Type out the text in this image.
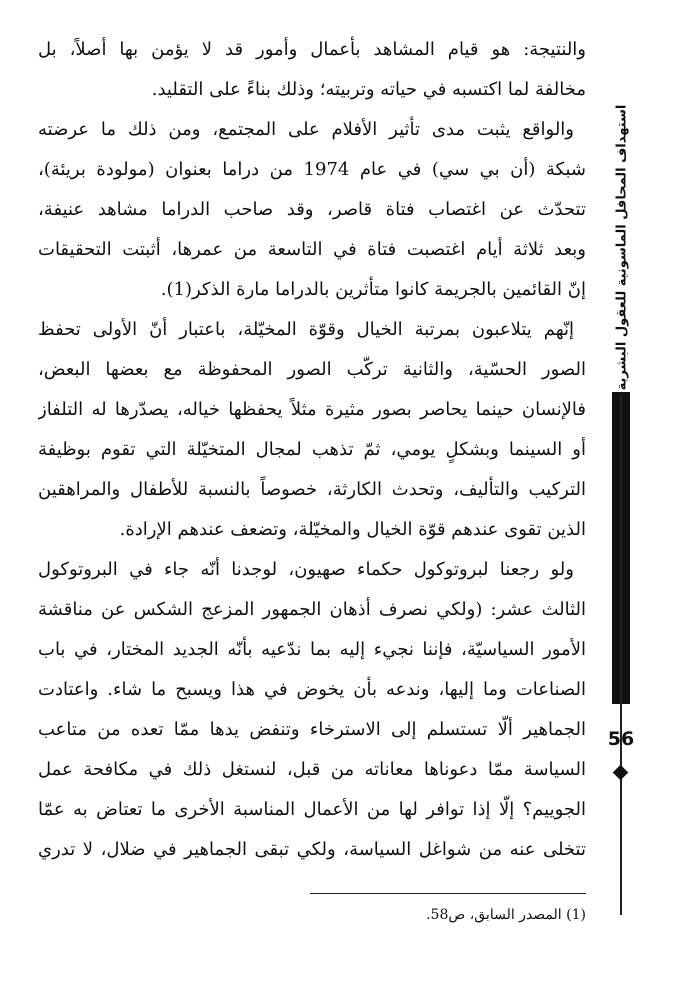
والنتيجة: هو قيام المشاهد بأعمال وأمور قد لا يؤمن بها أصلاً، بل
مخالفة لما اكتسبه في حياته وتربيته؛ وذلك بناءً على التقليد.
والواقع يثبت مدى تأثير الأفلام على المجتمع، ومن ذلك ما عرضته
شبكة (أن بي سي) في عام 1974 من دراما بعنوان (مولودة بريئة)،
تتحدّث عن اغتصاب فتاة قاصر، وقد صاحب الدراما مشاهد عنيفة،
وبعد ثلاثة أيام اغتصبت فتاة في التاسعة من عمرها، أثبتت التحقيقات
إنّ القائمين بالجريمة كانوا متأثرين بالدراما مارة الذكر(1).
إنّهم يتلاعبون بمرتبة الخيال وقوّة المخيّلة، باعتبار أنّ الأولى تحفظ
الصور الحسّية، والثانية تركّب الصور المحفوظة مع بعضها البعض،
فالإنسان حينما يحاصر بصور مثيرة مثلاً يحفظها خياله، يصدّرها له التلفاز
أو السينما وبشكلٍ يومي، ثمّ تذهب لمجال المتخيّلة التي تقوم بوظيفة
التركيب والتأليف، وتحدث الكارثة، خصوصاً بالنسبة للأطفال والمراهقين
الذين تقوى عندهم قوّة الخيال والمخيّلة، وتضعف عندهم الإرادة.
ولو رجعنا لبروتوكول حكماء صهيون، لوجدنا أنّه جاء في البروتوكول
الثالث عشر: (ولكي نصرف أذهان الجمهور المزعج الشكس عن مناقشة
الأمور السياسيّة، فإننا نجيء إليه بما ندّعيه بأنّه الجديد المختار، في باب
الصناعات وما إليها، وندعه بأن يخوض في هذا ويسبح ما شاء. واعتادت
الجماهير ألّا تستسلم إلى الاسترخاء وتنفض يدها ممّا تعده من متاعب
السياسة ممّا دعوناها معاناته من قبل، لنستغل ذلك في مكافحة عمل
الجوييم؟ إلّا إذا توافر لها من الأعمال المناسبة الأخرى ما تعتاض به عمّا
تتخلى عنه من شواغل السياسة، ولكي تبقى الجماهير في ضلال، لا تدري
استهداف المحافل الماسونية للعقول البشرية
56
(1) المصدر السابق، ص58.
